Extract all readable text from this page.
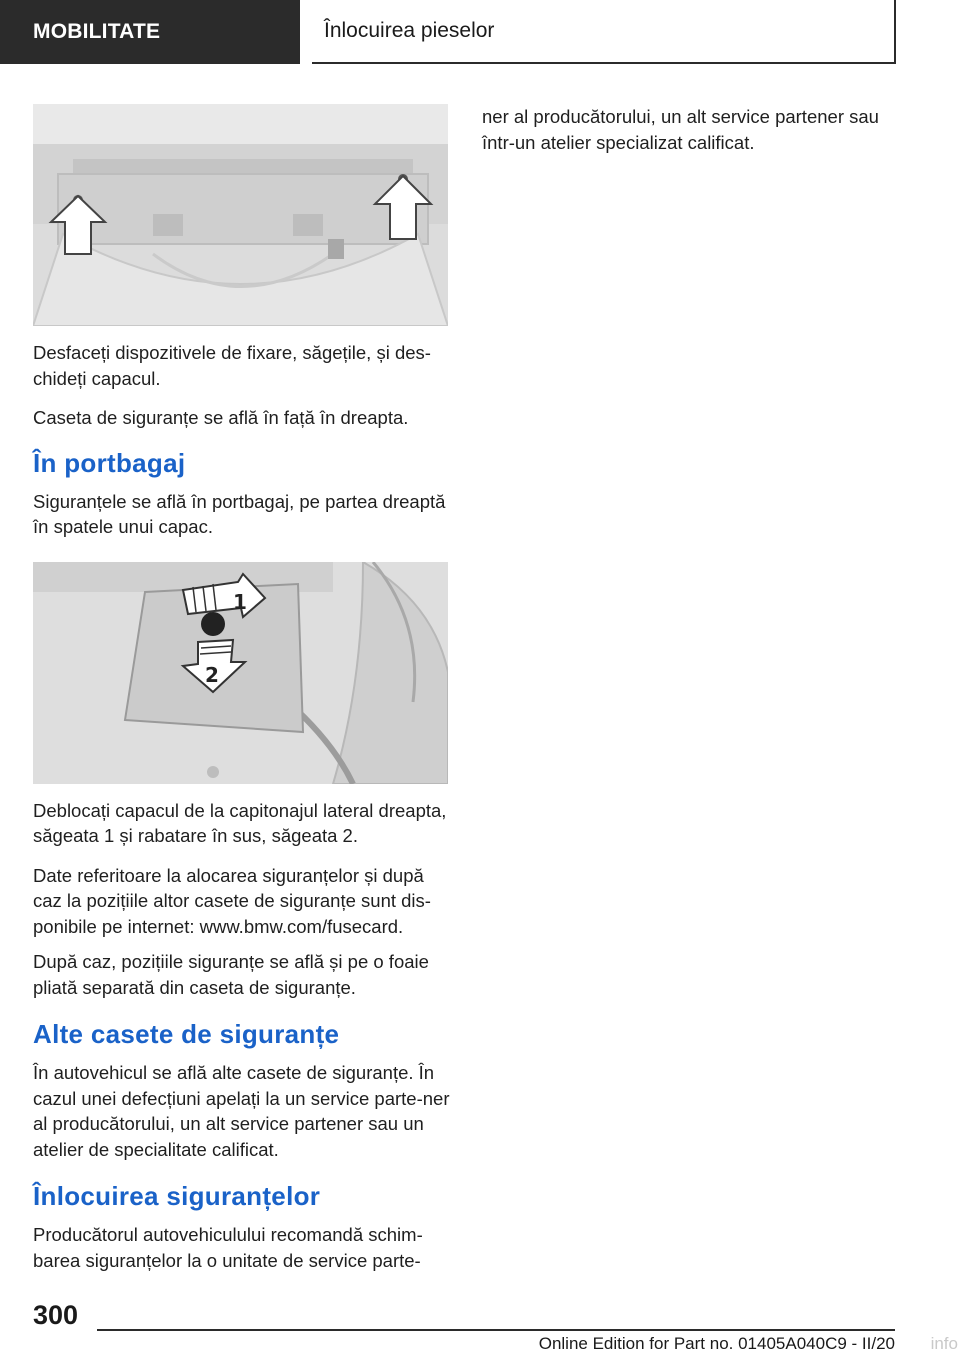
MOBILITATE	Înlocuirea pieselor

Desfaceți dispozitivele de fixare, săgețile, și des‐chideți capacul.

Caseta de siguranțe se află în față în dreapta.

În portbagaj

Siguranțele se află în portbagaj, pe partea dreaptă în spatele unui capac.

1
2

Deblocați capacul de la capitonajul lateral dreapta, săgeata 1 și rabatare în sus, săgeata 2.

Date referitoare la alocarea siguranțelor și după caz la pozițiile altor casete de siguranțe sunt dis‐ponibile pe internet: www.bmw.com/fusecard.

După caz, pozițiile siguranțe se află și pe o foaie pliată separată din caseta de siguranțe.

Alte casete de siguranțe

În autovehicul se află alte casete de siguranțe. În cazul unei defecțiuni apelați la un service parte‐ner al producătorului, un alt service partener sau un atelier de specialitate calificat.

Înlocuirea siguranțelor

Producătorul autovehiculului recomandă schim‐barea siguranțelor la o unitate de service parte‐

ner al producătorului, un alt service partener sau într-un atelier specializat calificat.

300
Online Edition for Part no. 01405A040C9 - II/20 info
